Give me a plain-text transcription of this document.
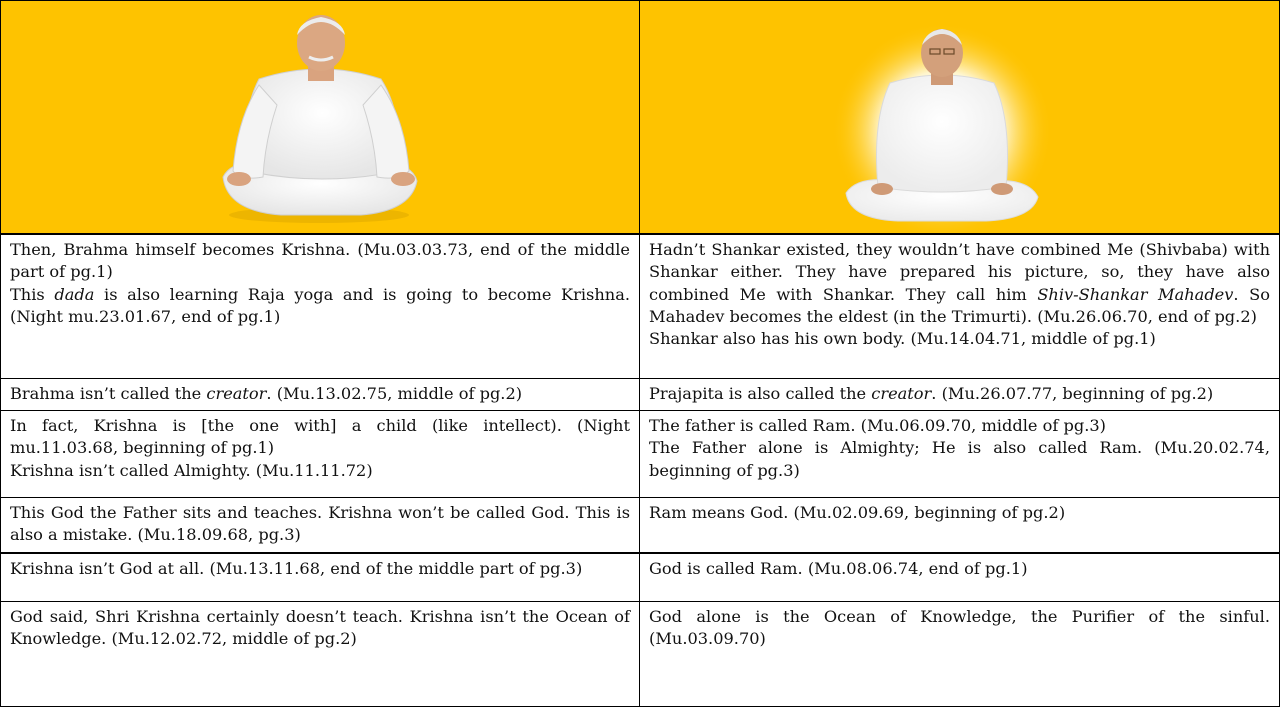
Then, Brahma himself becomes Krishna. (Mu.03.03.73, end of the middle part of pg.1)

This dada is also learning Raja yoga and is going to become Krishna. (Night mu.23.01.67, end of pg.1)

Hadn’t Shankar existed, they wouldn’t have combined Me (Shivbaba) with Shankar either. They have prepared his picture, so, they have also combined Me with Shankar. They call him Shiv-Shankar Mahadev. So Mahadev becomes the eldest (in the Trimurti). (Mu.26.06.70, end of pg.2)

Shankar also has his own body. (Mu.14.04.71, middle of pg.1)

Brahma isn’t called the creator. (Mu.13.02.75, middle of pg.2)	Prajapita is also called the creator. (Mu.26.07.77, beginning of pg.2)

In fact, Krishna is [the one with] a child (like intellect). (Night mu.11.03.68, beginning of pg.1)

Krishna isn’t called Almighty. (Mu.11.11.72)

The father is called Ram. (Mu.06.09.70, middle of pg.3)

The Father alone is Almighty; He is also called Ram. (Mu.20.02.74, beginning of pg.3)

This God the Father sits and teaches. Krishna won’t be called God. This is also a mistake. (Mu.18.09.68, pg.3)

Ram means God. (Mu.02.09.69, beginning of pg.2)

Krishna isn’t God at all. (Mu.13.11.68, end of the middle part of pg.3)	God is called Ram. (Mu.08.06.74, end of pg.1)

God said, Shri Krishna certainly doesn’t teach. Krishna isn’t the Ocean of Knowledge. (Mu.12.02.72, middle of pg.2)

God alone is the Ocean of Knowledge, the Purifier of the sinful. (Mu.03.09.70)
